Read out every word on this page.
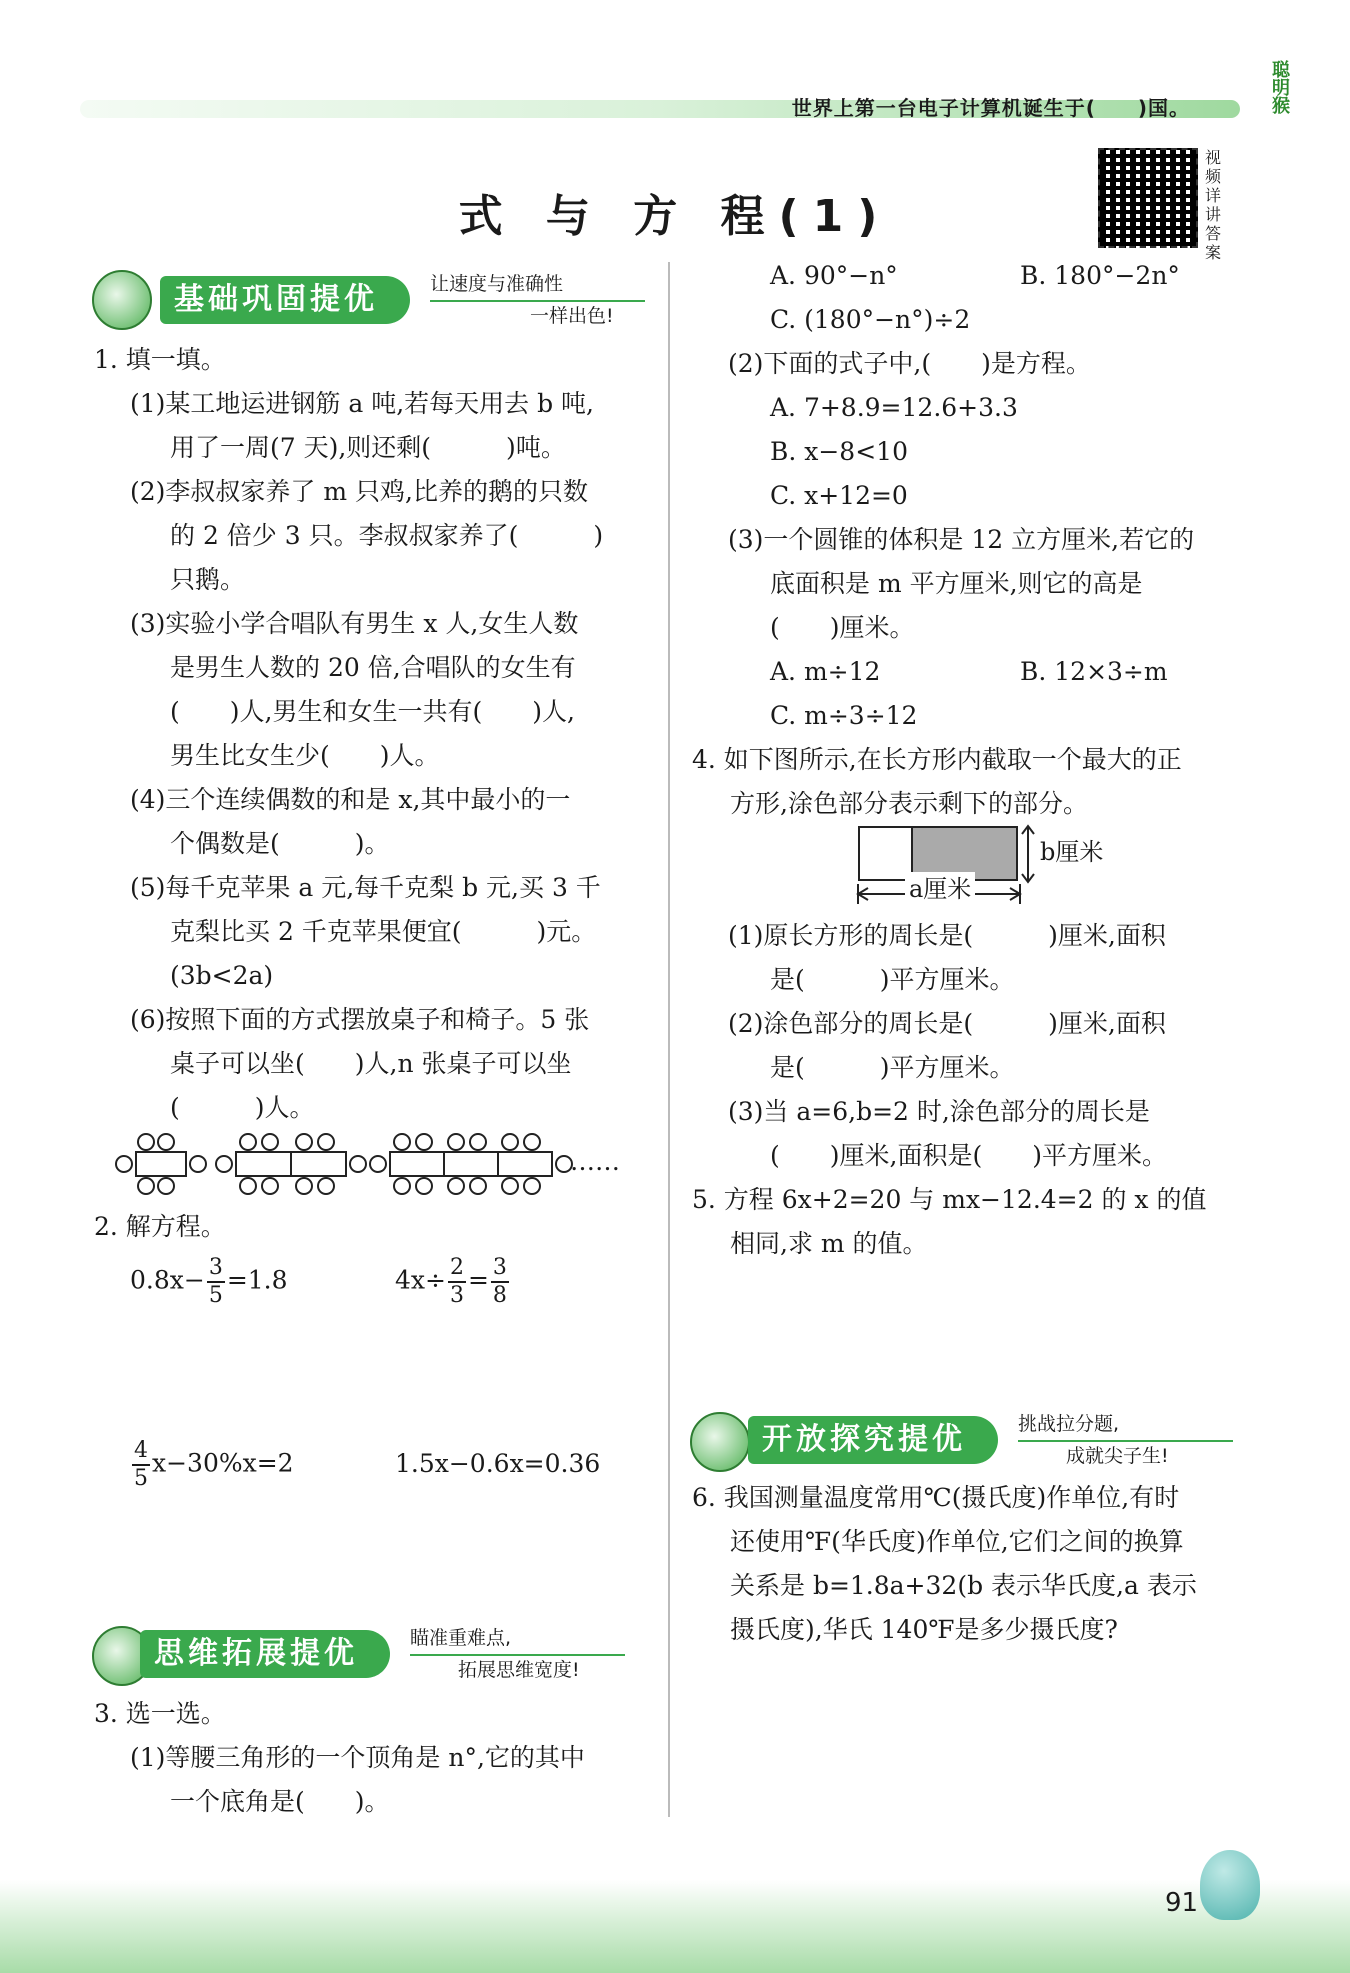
世界上第一台电子计算机诞生于(　　)国。	聪明猴
式 与 方 程(1)
视频详讲答案
基础巩固提优	让速度与准确性
一样出色!
1. 填一填。
(1)某工地运进钢筋 a 吨,若每天用去 b 吨,
用了一周(7 天),则还剩(　　　)吨。
(2)李叔叔家养了 m 只鸡,比养的鹅的只数
的 2 倍少 3 只。李叔叔家养了(　　　)
只鹅。
(3)实验小学合唱队有男生 x 人,女生人数
是男生人数的 20 倍,合唱队的女生有
(　　)人,男生和女生一共有(　　)人,
男生比女生少(　　)人。
(4)三个连续偶数的和是 x,其中最小的一
个偶数是(　　　)。
(5)每千克苹果 a 元,每千克梨 b 元,买 3 千
克梨比买 2 千克苹果便宜(　　　)元。
(3b<2a)
(6)按照下面的方式摆放桌子和椅子。5 张
桌子可以坐(　　)人,n 张桌子可以坐
(　　　)人。
……
2. 解方程。
$0.8x- \frac{3}{5} =1.8$	$4x\div \frac{2}{3} = \frac{3}{8}$
$\frac{4}{5} x-30\%x=2$	1.5x−0.6x=0.36
思维拓展提优	瞄准重难点,
拓展思维宽度!
3. 选一选。
(1)等腰三角形的一个顶角是 n°,它的其中
一个底角是(　　)。
A. 90°−n°	B. 180°−2n°
C. (180°−n°)÷2
(2)下面的式子中,(　　)是方程。
A. 7+8.9=12.6+3.3
B. x−8<10
C. x+12=0
(3)一个圆锥的体积是 12 立方厘米,若它的
底面积是 m 平方厘米,则它的高是
(　　)厘米。
A. m÷12	B. 12×3÷m
C. m÷3÷12
4. 如下图所示,在长方形内截取一个最大的正
方形,涂色部分表示剩下的部分。
b厘米
a厘米
(1)原长方形的周长是(　　　)厘米,面积
是(　　　)平方厘米。
(2)涂色部分的周长是(　　　)厘米,面积
是(　　　)平方厘米。
(3)当 a=6,b=2 时,涂色部分的周长是
(　　)厘米,面积是(　　)平方厘米。
5. 方程 6x+2=20 与 mx−12.4=2 的 x 的值
相同,求 m 的值。
开放探究提优	挑战拉分题,
成就尖子生!
6. 我国测量温度常用℃(摄氏度)作单位,有时
还使用℉(华氏度)作单位,它们之间的换算
关系是 b=1.8a+32(b 表示华氏度,a 表示
摄氏度),华氏 140℉是多少摄氏度?
91
